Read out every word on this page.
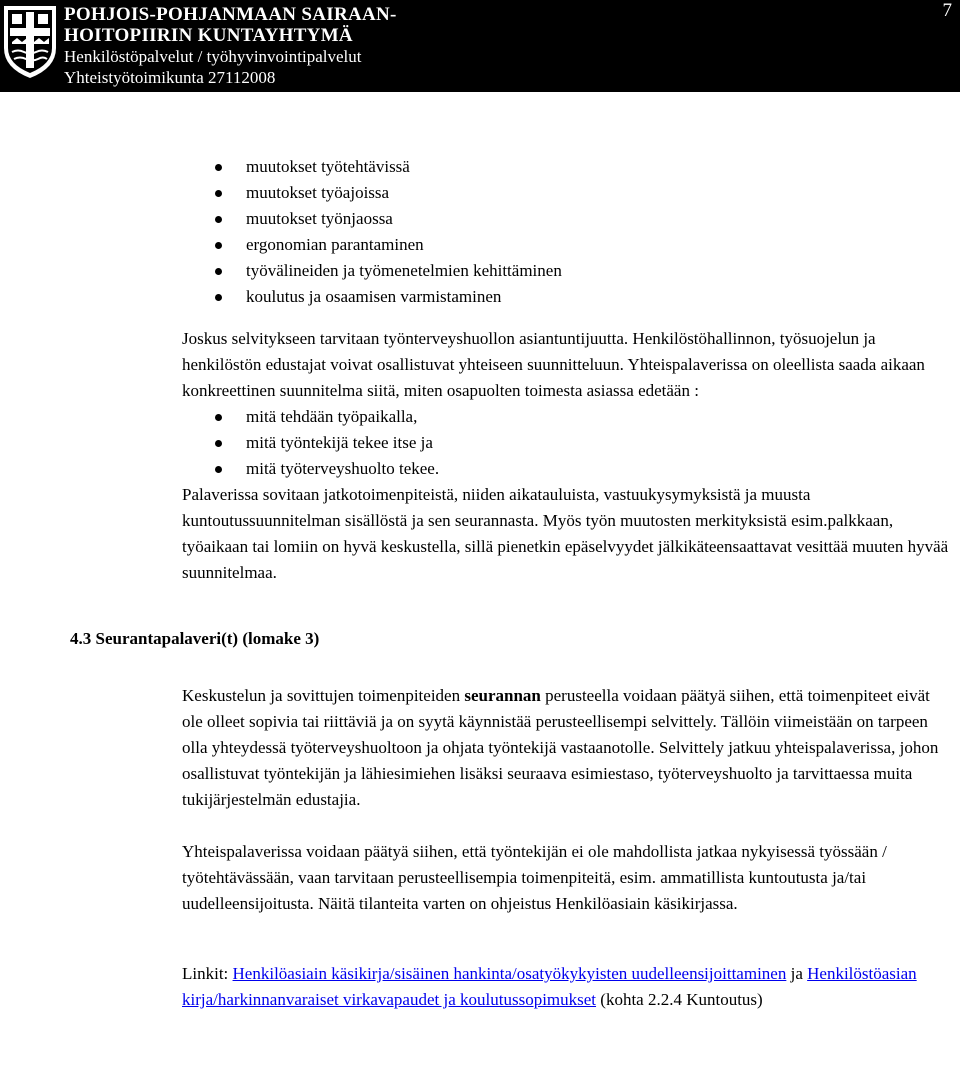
POHJOIS-POHJANMAAN SAIRAAN-
HOITOPIIRIN KUNTAYHTYMÄ
Henkilöstöpalvelut / työhyvinvointipalvelut
Yhteistyötoimikunta 27112008
7
muutokset työtehtävissä
muutokset työajoissa
muutokset työnjaossa
ergonomian parantaminen
työvälineiden ja työmenetelmien kehittäminen
koulutus ja osaamisen varmistaminen

Joskus selvitykseen tarvitaan työnterveyshuollon asiantuntijuutta. Henkilöstöhallinnon, työsuojelun ja henkilöstön edustajat voivat osallistuvat yhteiseen suunnitteluun. Yhteispalaverissa on oleellista saada aikaan konkreettinen suunnitelma siitä, miten osapuolten toimesta asiassa edetään :

mitä tehdään työpaikalla,
mitä työntekijä tekee itse ja
mitä työterveyshuolto tekee.

Palaverissa sovitaan jatkotoimenpiteistä, niiden aikatauluista, vastuukysymyksistä ja muusta kuntoutussuunnitelman sisällöstä ja sen seurannasta. Myös työn muutosten merkityksistä esim.palkkaan, työaikaan tai lomiin on hyvä keskustella, sillä pienetkin epäselvyydet jälkikäteensaattavat vesittää muuten hyvää suunnitelmaa.

4.3 Seurantapalaveri(t) (lomake 3)

Keskustelun ja sovittujen toimenpiteiden seurannan perusteella voidaan päätyä siihen, että toimenpiteet eivät ole olleet sopivia tai riittäviä ja on syytä käynnistää perusteellisempi selvittely. Tällöin viimeistään on tarpeen olla yhteydessä työterveyshuoltoon ja ohjata työntekijä vastaanotolle. Selvittely jatkuu yhteispalaverissa, johon osallistuvat työntekijän ja lähiesimiehen lisäksi seuraava esimiestaso, työterveyshuolto ja tarvittaessa muita tukijärjestelmän edustajia.

Yhteispalaverissa voidaan päätyä siihen, että työntekijän ei ole mahdollista jatkaa nykyisessä työssään / työtehtävässään, vaan tarvitaan perusteellisempia toimenpiteitä, esim. ammatillista kuntoutusta ja/tai uudelleensijoitusta. Näitä tilanteita varten on ohjeistus Henkilöasiain käsikirjassa.

Linkit: Henkilöasiain käsikirja/sisäinen hankinta/osatyökykyisten uudelleensijoittaminen ja Henkilöstöasian kirja/harkinnanvaraiset virkavapaudet ja koulutussopimukset (kohta 2.2.4 Kuntoutus)
